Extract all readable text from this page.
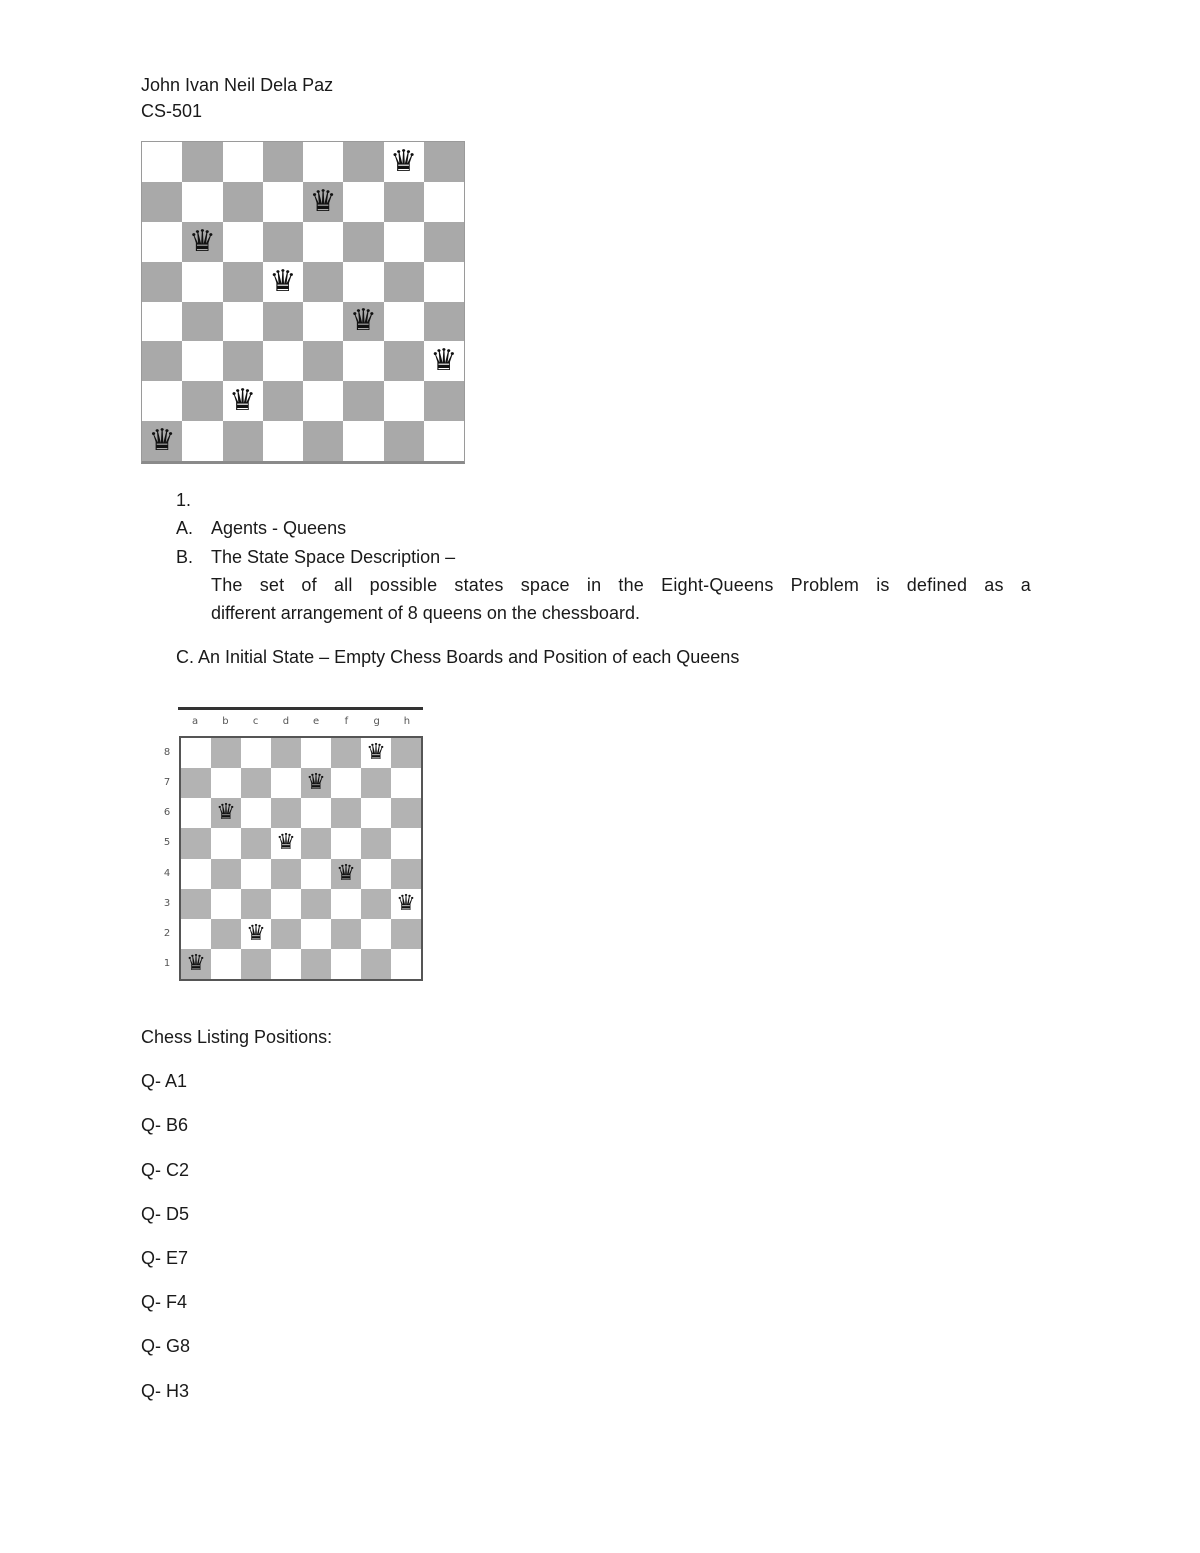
John Ivan Neil Dela Paz
CS-501
♛
♛
♛
♛
♛
♛
♛
♛
1.
A. Agents - Queens
B. The State Space Description –
The set of all possible states space in the Eight-Queens Problem is defined as a
different arrangement of 8 queens on the chessboard.
C. An Initial State – Empty Chess Boards and Position of each Queens
a	b	c	d	e	f	g	h
8
7
6
5
4
3
2
1
♛
♛
♛
♛
♛
♛
♛
♛
Chess Listing Positions:
Q- A1
Q- B6
Q- C2
Q- D5
Q- E7
Q- F4
Q- G8
Q- H3
